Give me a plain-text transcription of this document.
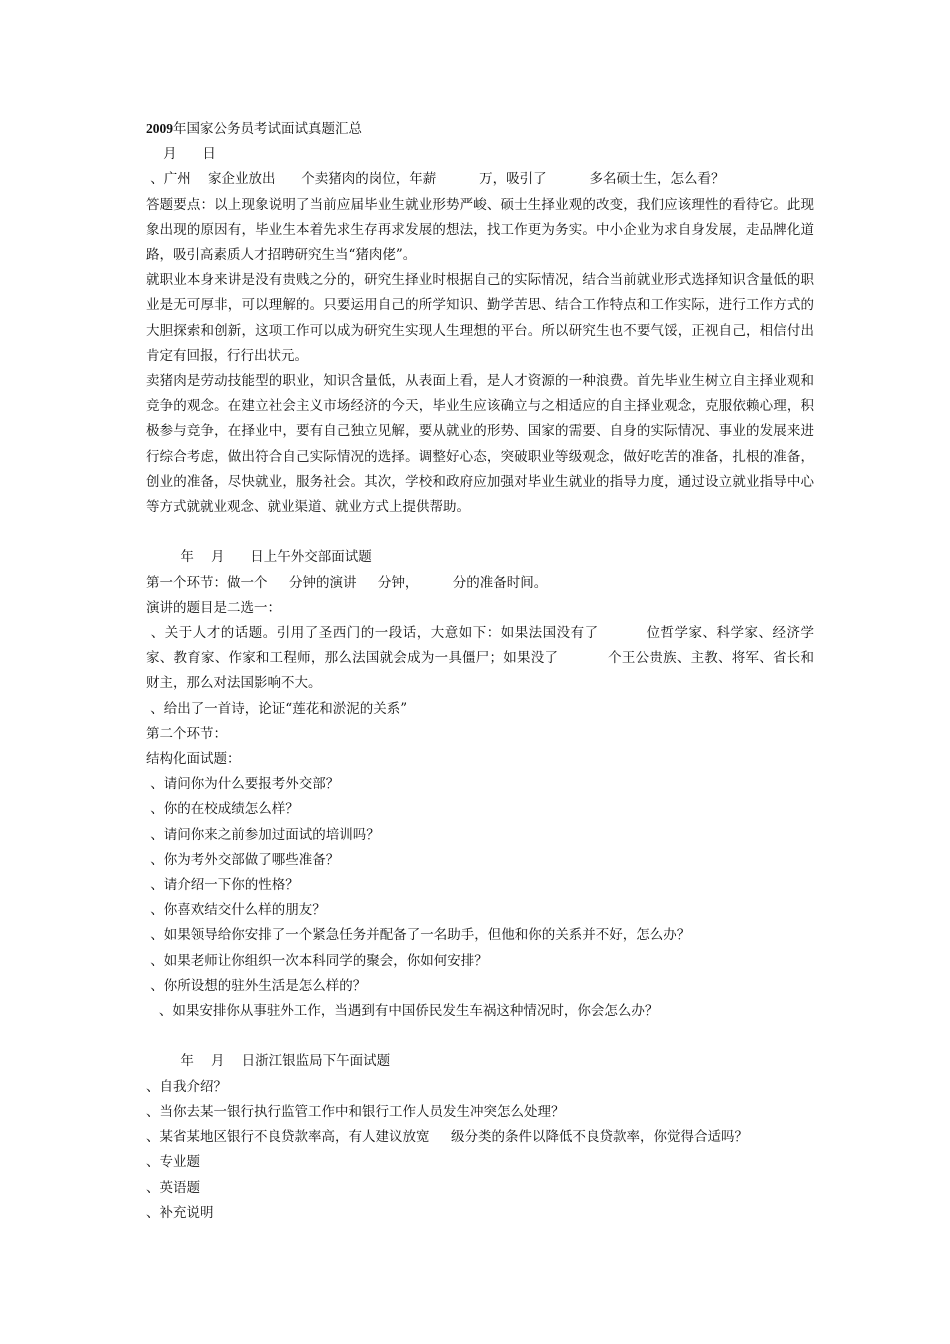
2009年国家公务员考试面试真题汇总

月      日

、广州    家企业放出      个卖猪肉的岗位，年薪          万，吸引了          多名硕士生，怎么看？

答题要点：以上现象说明了当前应届毕业生就业形势严峻、硕士生择业观的改变，我们应该理性的看待它。此现象出现的原因有，毕业生本着先求生存再求发展的想法，找工作更为务实。中小企业为求自身发展，走品牌化道路，吸引高素质人才招聘研究生当“猪肉佬”。

就职业本身来讲是没有贵贱之分的，研究生择业时根据自己的实际情况，结合当前就业形式选择知识含量低的职业是无可厚非，可以理解的。只要运用自己的所学知识、勤学苦思、结合工作特点和工作实际，进行工作方式的大胆探索和创新，这项工作可以成为研究生实现人生理想的平台。所以研究生也不要气馁，正视自己，相信付出肯定有回报，行行出状元。

卖猪肉是劳动技能型的职业，知识含量低，从表面上看，是人才资源的一种浪费。首先毕业生树立自主择业观和竞争的观念。在建立社会主义市场经济的今天，毕业生应该确立与之相适应的自主择业观念，克服依赖心理，积极参与竞争，在择业中，要有自己独立见解，要从就业的形势、国家的需要、自身的实际情况、事业的发展来进行综合考虑，做出符合自己实际情况的选择。调整好心态，突破职业等级观念，做好吃苦的准备，扎根的准备，创业的准备，尽快就业，服务社会。其次，学校和政府应加强对毕业生就业的指导力度，通过设立就业指导中心等方式就就业观念、就业渠道、就业方式上提供帮助。

年    月      日上午外交部面试题

第一个环节：做一个     分钟的演讲     分钟，        分的准备时间。

演讲的题目是二选一：

、关于人才的话题。引用了圣西门的一段话，大意如下：如果法国没有了          位哲学家、科学家、经济学家、教育家、作家和工程师，那么法国就会成为一具僵尸；如果没了           个王公贵族、主教、将军、省长和财主，那么对法国影响不大。

、给出了一首诗，论证“莲花和淤泥的关系”

第二个环节：

结构化面试题：

、请问你为什么要报考外交部？

、你的在校成绩怎么样？

、请问你来之前参加过面试的培训吗？

、你为考外交部做了哪些准备？

、请介绍一下你的性格？

、你喜欢结交什么样的朋友？

、如果领导给你安排了一个紧急任务并配备了一名助手，但他和你的关系并不好，怎么办？

、如果老师让你组织一次本科同学的聚会，你如何安排？

、你所设想的驻外生活是怎么样的？

、如果安排你从事驻外工作，当遇到有中国侨民发生车祸这种情况时，你会怎么办？

年    月    日浙江银监局下午面试题

、自我介绍？

、当你去某一银行执行监管工作中和银行工作人员发生冲突怎么处理？

、某省某地区银行不良贷款率高，有人建议放宽     级分类的条件以降低不良贷款率，你觉得合适吗？

、专业题

、英语题

、补充说明
